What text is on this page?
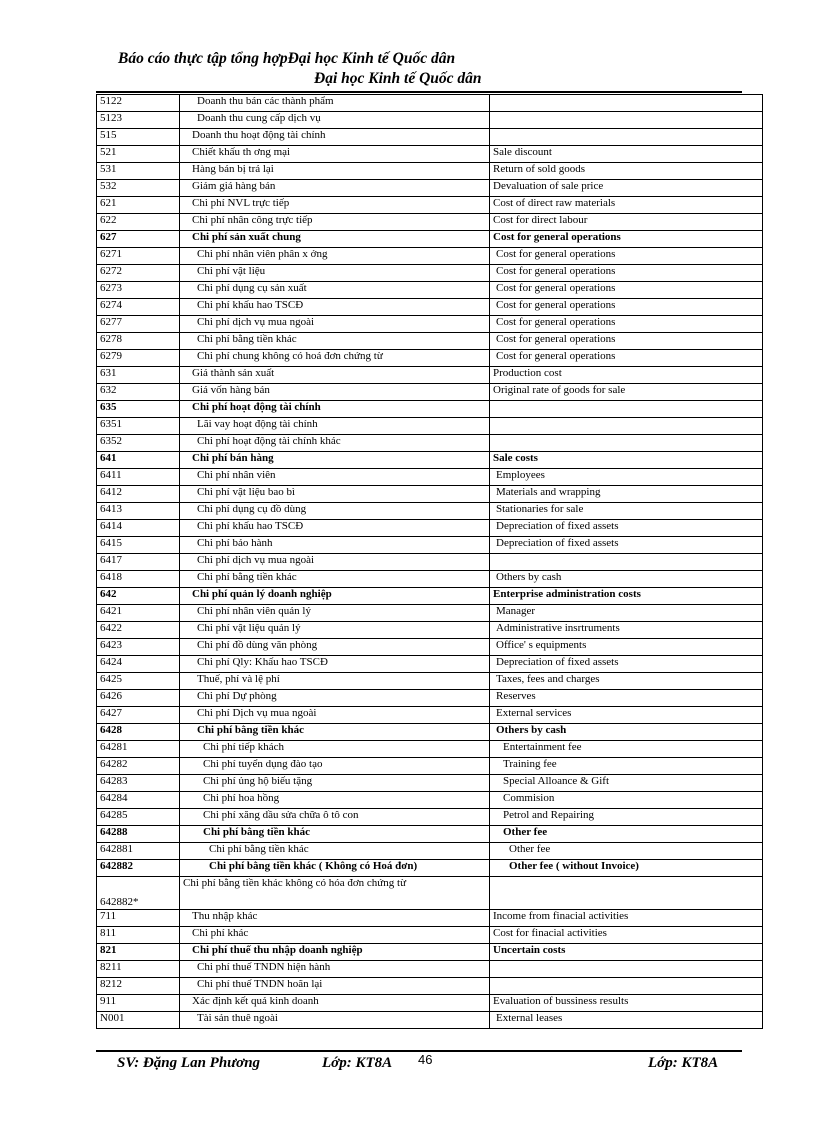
Báo cáo thực tập tổng hợpĐại học Kinh tế Quốc dân
Đại học Kinh tế Quốc dân
5122	Doanh thu bán các thành phẩm	
5123	Doanh thu cung cấp dịch vụ	
515	Doanh thu hoạt động tài chính	
521	Chiết khấu th ơng mại	Sale discount
531	Hàng bán bị trả lại	Return of sold goods
532	Giảm giá hàng bán	Devaluation of sale price
621	Chi phí NVL trực tiếp	Cost of direct raw materials
622	Chi phí nhân công trực tiếp	Cost for direct labour
627	Chi phí sản xuất chung	Cost for general operations
6271	Chi phí nhân viên phân x ởng	Cost for general operations
6272	Chi phí vật liệu	Cost for general operations
6273	Chi phí dụng cụ sản xuất	Cost for general operations
6274	Chi phí khấu hao TSCĐ	Cost for general operations
6277	Chi phí dịch vụ mua ngoài	Cost for general operations
6278	Chi phí bằng tiền khác	Cost for general operations
6279	Chi phí chung không có hoá đơn chứng từ	Cost for general operations
631	Giá thành sản xuất	Production cost
632	Giá vốn hàng bán	Original rate of goods for sale
635	Chi phí hoạt động tài chính	
6351	Lãi vay hoạt động tài chính	
6352	Chi phí hoạt động tài chính khác	
641	Chi phí bán hàng	Sale costs
6411	Chi phí nhân viên	Employees
6412	Chi phí vật liệu bao bì	Materials and wrapping
6413	Chi phí dụng cụ đồ dùng	Stationaries for sale
6414	Chi phí khấu hao TSCĐ	Depreciation of fixed assets
6415	Chi phí bảo hành	Depreciation of fixed assets
6417	Chi phí dịch vụ mua ngoài	
6418	Chi phí bằng tiền khác	Others by cash
642	Chi phí quản lý doanh nghiệp	Enterprise administration costs
6421	Chi phí nhân viên quản lý	Manager
6422	Chi phí vật liệu quản lý	Administrative insrtruments
6423	Chi phí đồ dùng văn phòng	Office' s equipments
6424	Chi phí Qly: Khấu hao TSCĐ	Depreciation of fixed assets
6425	Thuế, phí và lệ phí	Taxes, fees and charges
6426	Chi phí Dự phòng	Reserves
6427	Chi phí Dịch vụ mua ngoài	External services
6428	Chi phí bằng tiền khác	Others by cash
64281	Chi phí tiếp khách	Entertainment fee
64282	Chi phí tuyển dụng đào tạo	Training fee
64283	Chi phí ủng hộ biếu tặng	Special Alloance & Gift
64284	Chi phí hoa hồng	Commision
64285	Chi phí xăng dầu sửa chữa ô tô con	Petrol and Repairing
64288	Chi phí bằng tiền khác	Other fee
642881	Chi phí bằng tiền khác	Other fee
642882	Chi phí bằng tiền khác ( Không có Hoá đơn)	Other fee ( without Invoice)
642882*	Chi phí bằng tiền khác không có hóa đơn chứng từ	
711	Thu nhập khác	Income from finacial activities
811	Chi phí khác	Cost for finacial activities
821	Chi phí thuế thu nhập doanh nghiệp	Uncertain costs
8211	Chi phí thuế TNDN hiện hành	
8212	Chi phí thuế TNDN hoãn lại	
911	Xác định kết quả kinh doanh	Evaluation of bussiness results
N001	Tài sản thuê ngoài	External leases
SV: Đặng Lan Phương	Lớp: KT8A 46	Lớp: KT8A
